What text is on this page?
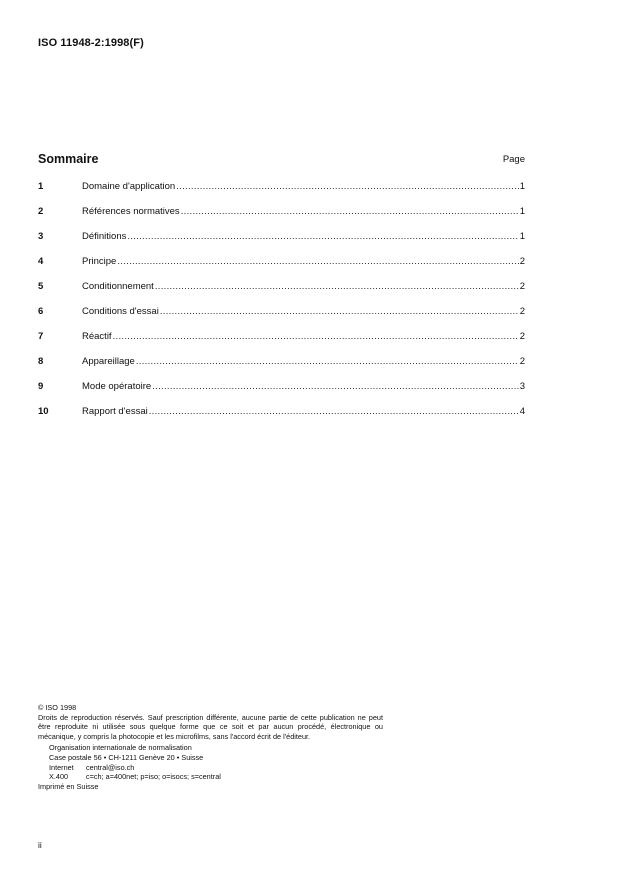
ISO 11948-2:1998(F)
Sommaire	Page
1	Domaine d'application .....	1
2	Références normatives .....	1
3	Définitions .....	1
4	Principe .....	2
5	Conditionnement .....	2
6	Conditions d'essai .....	2
7	Réactif .....	2
8	Appareillage .....	2
9	Mode opératoire .....	3
10	Rapport d'essai .....	4

© ISO 1998

Droits de reproduction réservés. Sauf prescription différente, aucune partie de cette publication ne peut être reproduite ni utilisée sous quelque forme que ce soit et par aucun procédé, électronique ou mécanique, y compris la photocopie et les microfilms, sans l'accord écrit de l'éditeur.

Organisation internationale de normalisation

Case postale 56 • CH-1211 Genève 20 • Suisse

Internet	central@iso.ch
X.400	c=ch; a=400net; p=iso; o=isocs; s=central

Imprimé en Suisse

ii
